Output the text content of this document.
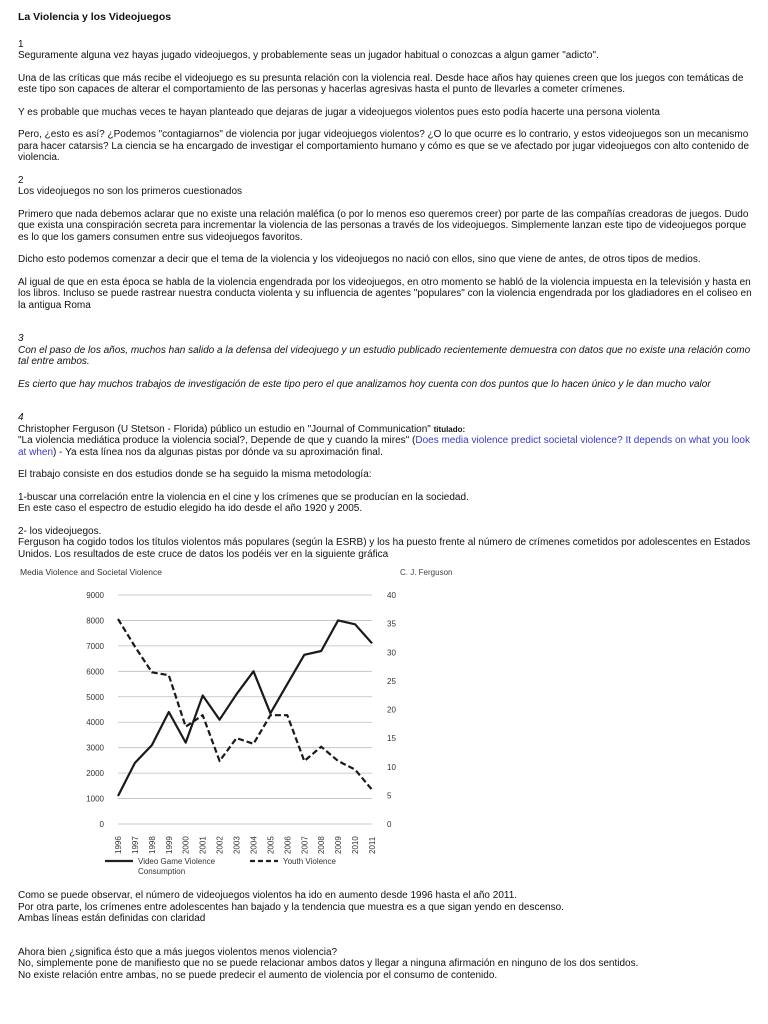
La Violencia y los Videojuegos

1

Seguramente alguna vez hayas jugado videojuegos, y probablemente seas un jugador habitual o conozcas a algun gamer "adicto".

Una de las críticas que más recibe el videojuego es su presunta relación con la violencia real. Desde hace años hay quienes creen que los juegos con temáticas de este tipo son capaces de alterar el comportamiento de las personas y hacerlas agresivas hasta el punto de llevarles a cometer crímenes.

Y es probable que muchas veces te hayan planteado que dejaras de jugar a videojuegos violentos pues esto podía hacerte una persona violenta

Pero, ¿esto es así? ¿Podemos "contagiarnos" de violencia por jugar videojuegos violentos? ¿O lo que ocurre es lo contrario, y estos videojuegos son un mecanismo para hacer catarsis? La ciencia se ha encargado de investigar el comportamiento humano y cómo es que se ve afectado por jugar videojuegos con alto contenido de violencia.

2

Los videojuegos no son los primeros cuestionados

Primero que nada debemos aclarar que no existe una relación maléfica (o por lo menos eso queremos creer) por parte de las compañías creadoras de juegos. Dudo que exista una conspiración secreta para incrementar la violencia de las personas a través de los videojuegos. Simplemente lanzan este tipo de videojuegos porque es lo que los gamers consumen entre sus videojuegos favoritos.

Dicho esto podemos comenzar a decir que el tema de la violencia y los videojuegos no nació con ellos, sino que viene de antes, de otros tipos de medios.

Al igual de que en esta época se habla de la violencia engendrada por los videojuegos, en otro momento se habló de la violencia impuesta en la televisión y hasta en los libros. Incluso se puede rastrear nuestra conducta violenta y su influencia de agentes "populares" con la violencia engendrada por los gladiadores en el coliseo en la antigua Roma

3

Con el paso de los años, muchos han salido a la defensa del videojuego y un estudio publicado recientemente demuestra con datos que no existe una relación como tal entre ambos.

Es cierto que hay muchos trabajos de investigación de este tipo pero el que analizamos hoy cuenta con dos puntos que lo hacen único y le dan mucho valor

4

Christopher Ferguson (U Stetson - Florida) público un estudio en "Journal of Communication" titulado:
"La violencia mediática produce la violencia social?, Depende de que y cuando la mires" (Does media violence predict societal violence? It depends on what you look at when) - Ya esta línea nos da algunas pistas por dónde va su aproximación final.

El trabajo consiste en dos estudios donde se ha seguido la misma metodología:

1-buscar una correlación entre la violencia en el cine y los crímenes que se producían en la sociedad.

En este caso el espectro de estudio elegido ha ido desde el año 1920 y 2005.

2- los videojuegos.

Ferguson ha cogido todos los títulos violentos más populares (según la ESRB) y los ha puesto frente al número de crímenes cometidos por adolescentes en Estados Unidos. Los resultados de este cruce de datos los podéis ver en la siguiente gráfica

Media Violence and Societal Violence	C. J. Ferguson
0
1000
2000
3000
4000
5000
6000
7000
8000
9000
0
5
10
15
20
25
30
35
40
1996 1997 1998 1999 2000 2001 2002 2003 2004 2005 2006 2007 2008 2009 2010 2011
Video Game Violence
Consumption
Youth Violence

Como se puede observar, el número de videojuegos violentos ha ido en aumento desde 1996 hasta el año 2011.

Por otra parte, los crímenes entre adolescentes han bajado y la tendencia que muestra es a que sigan yendo en descenso.

Ambas líneas están definidas con claridad

Ahora bien ¿significa ésto que a más juegos violentos menos violencia?

No, simplemente pone de manifiesto que no se puede relacionar ambos datos y llegar a ninguna afirmación en ninguno de los dos sentidos.

No existe relación entre ambas, no se puede predecir el aumento de violencia por el consumo de contenido.
